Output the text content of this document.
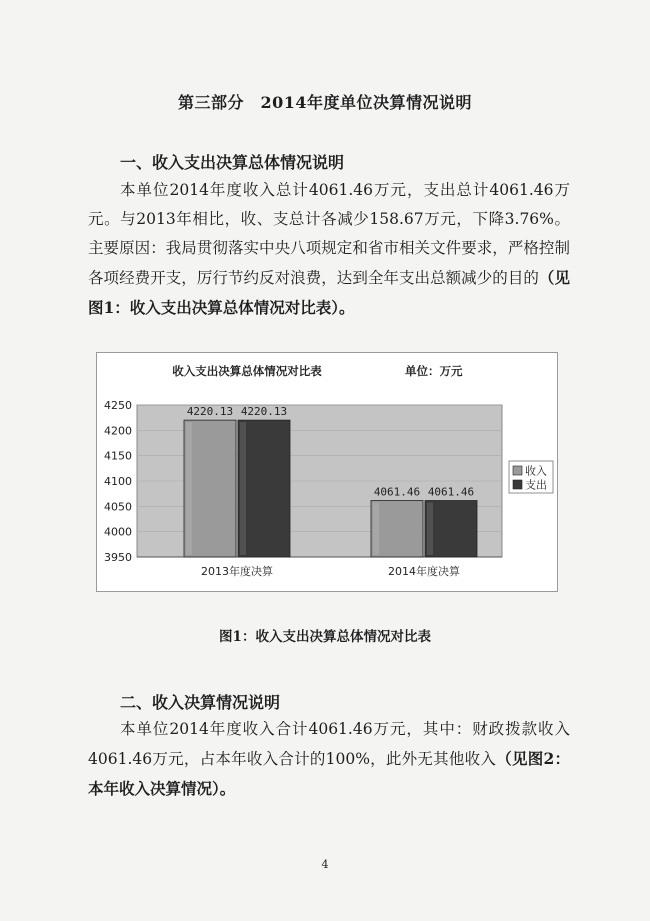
第三部分　2014年度单位决算情况说明
一、收入支出决算总体情况说明
本单位2014年度收入总计4061.46万元，支出总计4061.46万元。与2013年相比，收、支总计各减少158.67万元，下降3.76%。主要原因：我局贯彻落实中央八项规定和省市相关文件要求，严格控制各项经费开支，厉行节约反对浪费，达到全年支出总额减少的目的（见图1：收入支出决算总体情况对比表）。
收入支出决算总体情况对比表	单位：万元
3950
4000
4050
4100
4150
4200
4250	4220.13
4061.46
4220.13
4061.46
2013年度决算	2014年度决算
收入
支出
图1：收入支出决算总体情况对比表
二、收入决算情况说明
本单位2014年度收入合计4061.46万元，其中：财政拨款收入4061.46万元，占本年收入合计的100%，此外无其他收入（见图2：本年收入决算情况）。
4
